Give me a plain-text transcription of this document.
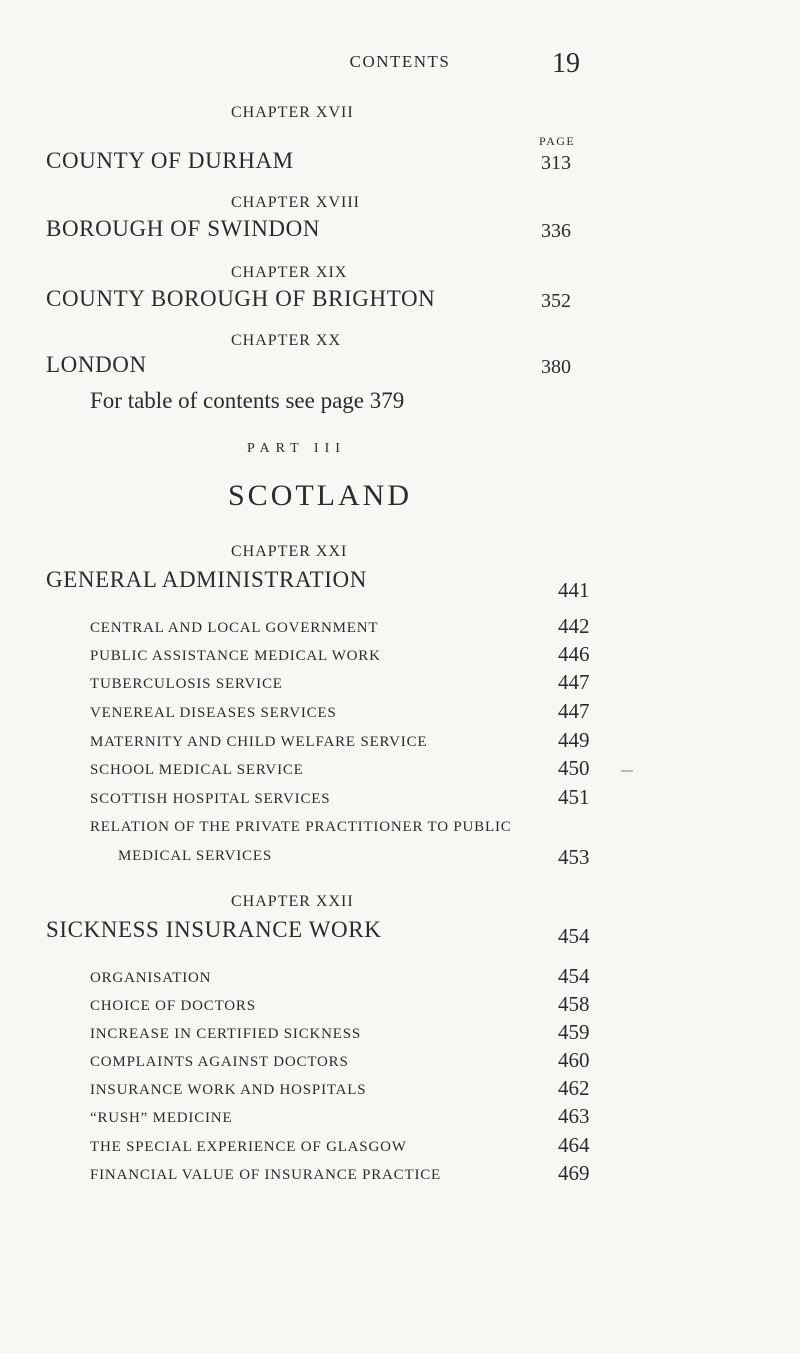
CONTENTS	19
CHAPTER XVII
PAGE
COUNTY OF DURHAM	313
CHAPTER XVIII
BOROUGH OF SWINDON	336
CHAPTER XIX
COUNTY BOROUGH OF BRIGHTON	352
CHAPTER XX
LONDON	380
For table of contents see page 379
PART III
SCOTLAND
CHAPTER XXI
GENERAL ADMINISTRATION	441
CENTRAL AND LOCAL GOVERNMENT	442
PUBLIC ASSISTANCE MEDICAL WORK	446
TUBERCULOSIS SERVICE	447
VENEREAL DISEASES SERVICES	447
MATERNITY AND CHILD WELFARE SERVICE	449
SCHOOL MEDICAL SERVICE	450
SCOTTISH HOSPITAL SERVICES	451
RELATION OF THE PRIVATE PRACTITIONER TO PUBLIC
MEDICAL SERVICES	453
CHAPTER XXII
SICKNESS INSURANCE WORK	454
ORGANISATION	454
CHOICE OF DOCTORS	458
INCREASE IN CERTIFIED SICKNESS	459
COMPLAINTS AGAINST DOCTORS	460
INSURANCE WORK AND HOSPITALS	462
“RUSH” MEDICINE	463
THE SPECIAL EXPERIENCE OF GLASGOW	464
FINANCIAL VALUE OF INSURANCE PRACTICE	469
